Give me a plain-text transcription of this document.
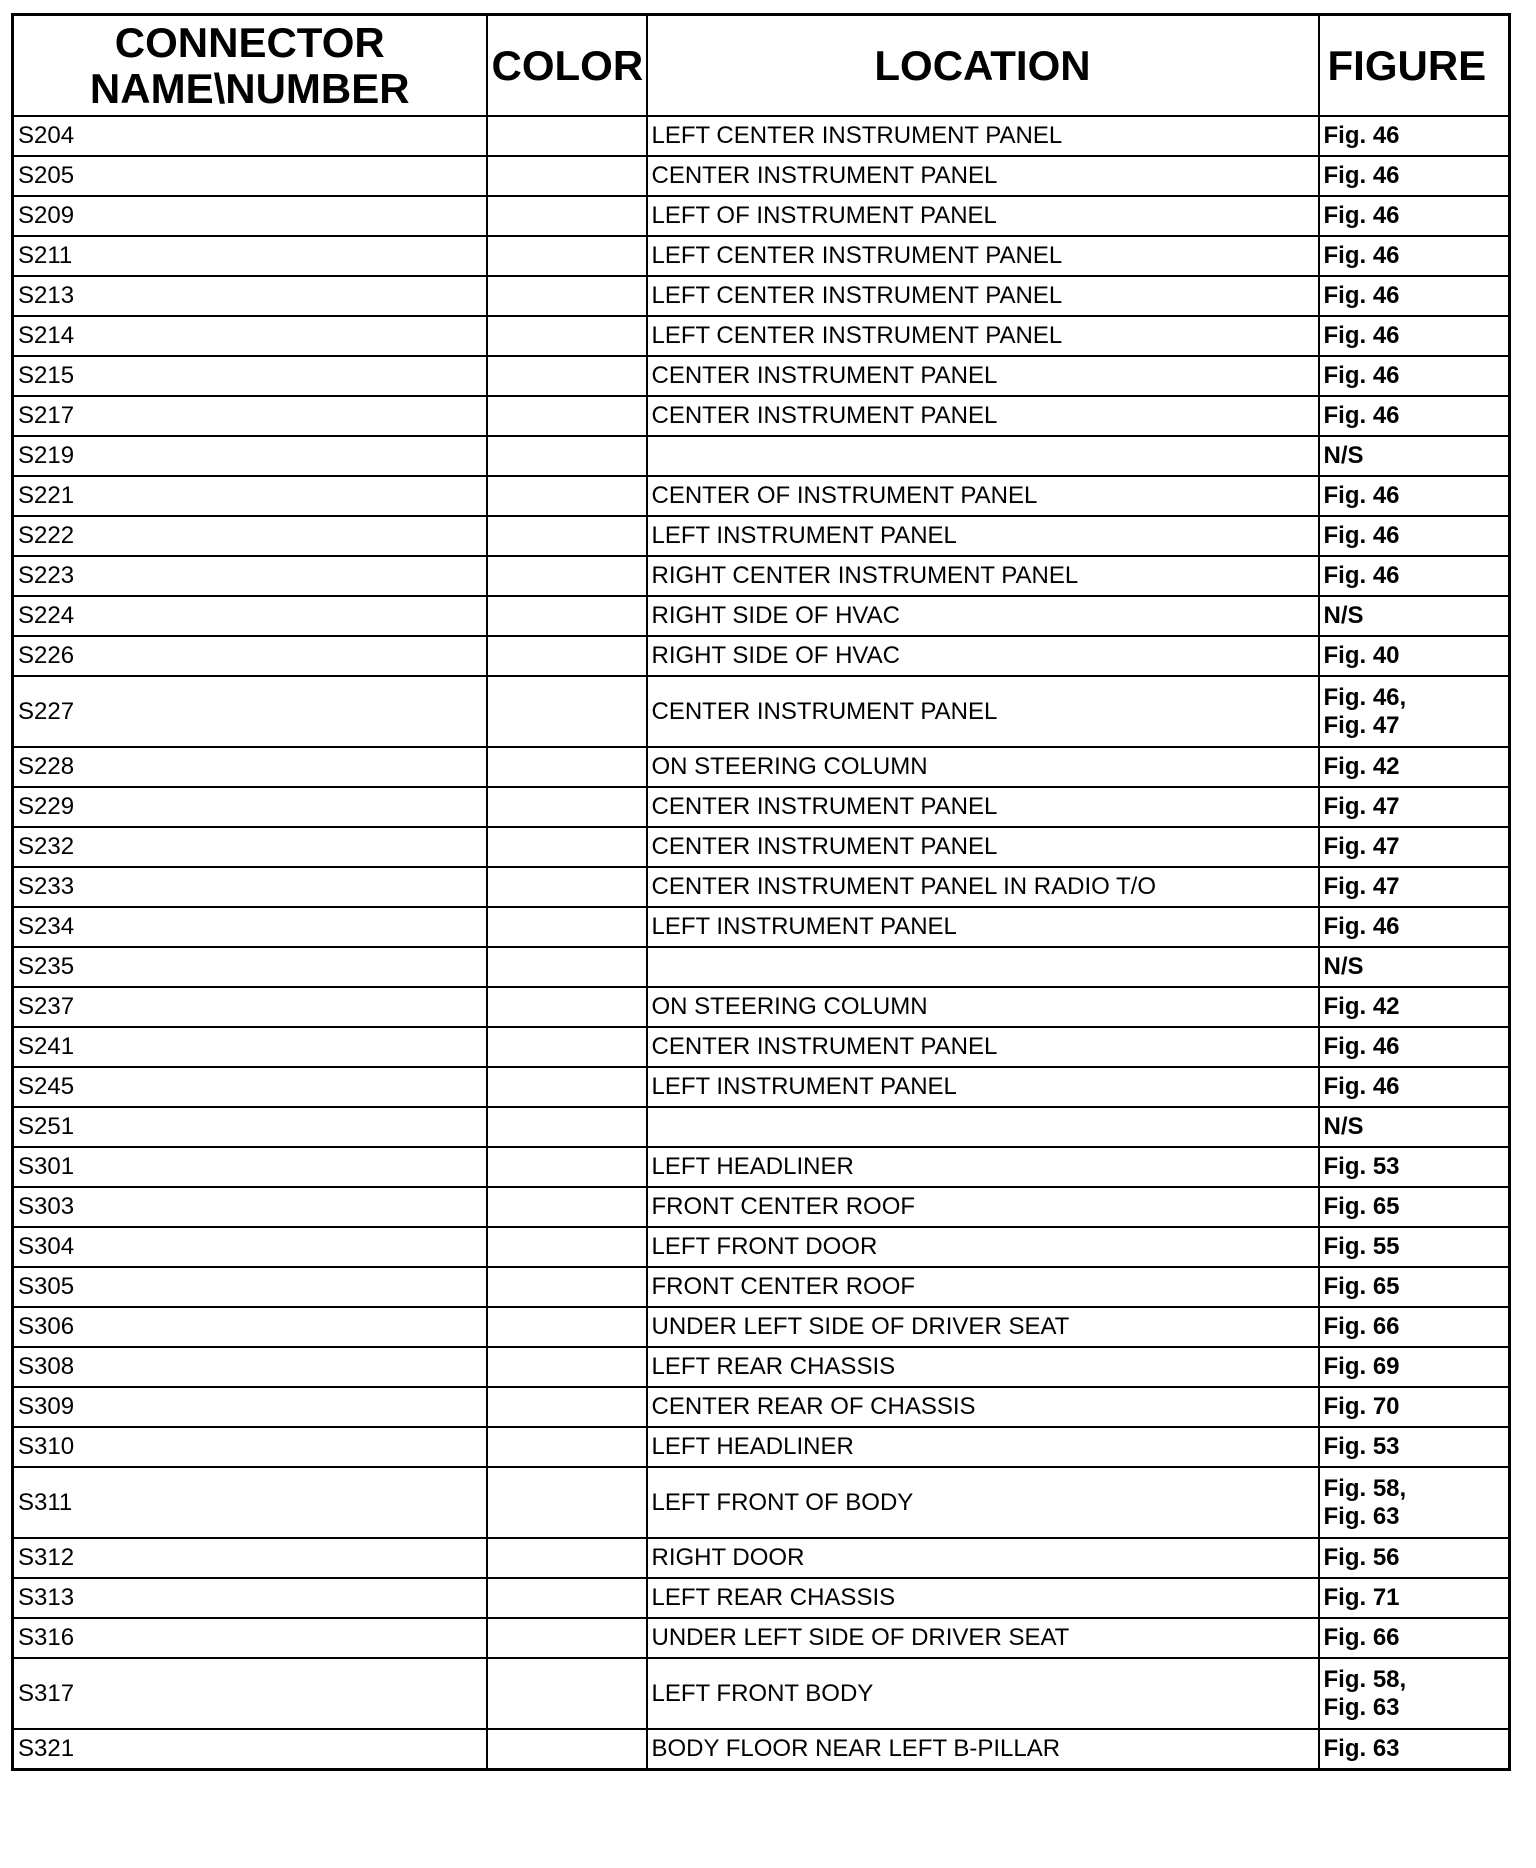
CONNECTOR NAME\NUMBER	COLOR	LOCATION	FIGURE
S204		LEFT CENTER INSTRUMENT PANEL	Fig. 46
S205		CENTER INSTRUMENT PANEL	Fig. 46
S209		LEFT OF INSTRUMENT PANEL	Fig. 46
S211		LEFT CENTER INSTRUMENT PANEL	Fig. 46
S213		LEFT CENTER INSTRUMENT PANEL	Fig. 46
S214		LEFT CENTER INSTRUMENT PANEL	Fig. 46
S215		CENTER INSTRUMENT PANEL	Fig. 46
S217		CENTER INSTRUMENT PANEL	Fig. 46
S219			N/S
S221		CENTER OF INSTRUMENT PANEL	Fig. 46
S222		LEFT INSTRUMENT PANEL	Fig. 46
S223		RIGHT CENTER INSTRUMENT PANEL	Fig. 46
S224		RIGHT SIDE OF HVAC	N/S
S226		RIGHT SIDE OF HVAC	Fig. 40
S227		CENTER INSTRUMENT PANEL	Fig. 46,
Fig. 47
S228		ON STEERING COLUMN	Fig. 42
S229		CENTER INSTRUMENT PANEL	Fig. 47
S232		CENTER INSTRUMENT PANEL	Fig. 47
S233		CENTER INSTRUMENT PANEL IN RADIO T/O	Fig. 47
S234		LEFT INSTRUMENT PANEL	Fig. 46
S235			N/S
S237		ON STEERING COLUMN	Fig. 42
S241		CENTER INSTRUMENT PANEL	Fig. 46
S245		LEFT INSTRUMENT PANEL	Fig. 46
S251			N/S
S301		LEFT HEADLINER	Fig. 53
S303		FRONT CENTER ROOF	Fig. 65
S304		LEFT FRONT DOOR	Fig. 55
S305		FRONT CENTER ROOF	Fig. 65
S306		UNDER LEFT SIDE OF DRIVER SEAT	Fig. 66
S308		LEFT REAR CHASSIS	Fig. 69
S309		CENTER REAR OF CHASSIS	Fig. 70
S310		LEFT HEADLINER	Fig. 53
S311		LEFT FRONT OF BODY	Fig. 58,
Fig. 63
S312		RIGHT DOOR	Fig. 56
S313		LEFT REAR CHASSIS	Fig. 71
S316		UNDER LEFT SIDE OF DRIVER SEAT	Fig. 66
S317		LEFT FRONT BODY	Fig. 58,
Fig. 63
S321		BODY FLOOR NEAR LEFT B-PILLAR	Fig. 63
